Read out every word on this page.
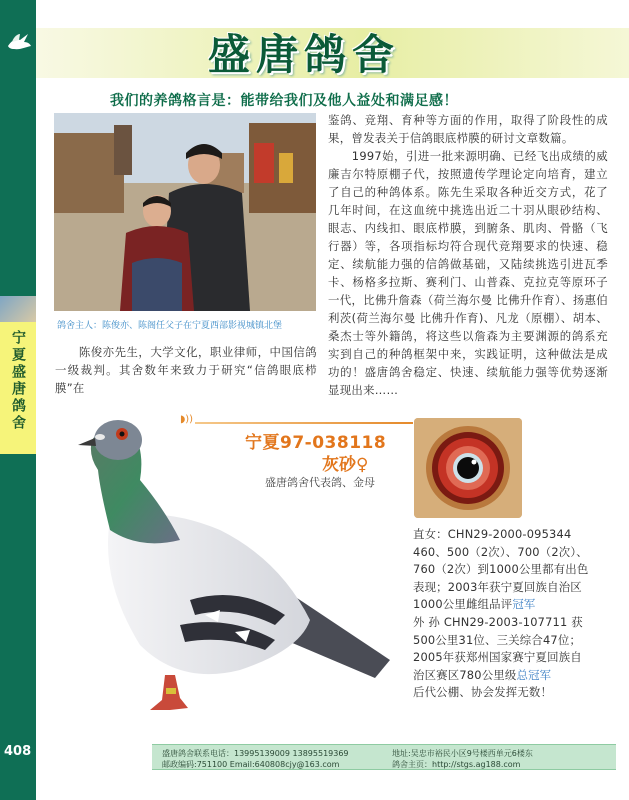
宁夏盛唐鸽舍
408
盛唐鸽舍
我们的养鸽格言是：能带给我们及他人益处和满足感！
鸽舍主人：陈俊亦、陈阁任父子在宁夏西部影视城镇北堡

鉴鸽、竞翔、育种等方面的作用，取得了阶段性的成果，曾发表关于信鸽眼底栉膜的研讨文章数篇。

　　1997始，引进一批来源明确、已经飞出成绩的威廉吉尔特原棚子代，按照遗传学理论定向培育，建立了自己的种鸽体系。陈先生采取各种近交方式，花了几年时间，在这血统中挑选出近二十羽从眼砂结构、眼志、内线扣、眼底栉膜，到腑条、肌肉、骨骼（飞行器）等，各项指标均符合现代竞翔要求的快速、稳定、续航能力强的信鸽做基础，又陆续挑选引进瓦季卡、杨格多拉斯、赛利门、山普森、克拉克等原环子一代，比佛升詹森（荷兰海尔曼 比佛升作育）、扬惠伯利茨(荷兰海尔曼 比佛升作育)、凡龙（原棚）、胡本、桑杰士等外籍鸽，将这些以詹森为主要渊源的鸽系充实到自己的种鸽框架中来，实践证明，这种做法是成功的！盛唐鸽舍稳定、快速、续航能力强等优势逐渐显现出来……

　　陈俊亦先生，大学文化，职业律师，中国信鸽一级裁判。其舍数年来致力于研究“信鸽眼底栉膜”在

◗))
宁夏97-038118
灰砂♀
盛唐鸽舍代表鸽、金母
直女：CHN29-2000-095344
460、500（2次）、700（2次）、
760（2次）到1000公里都有出色
表现；2003年获宁夏回族自治区
1000公里雌组品评冠军
外 孙 CHN29-2003-107711 获
500公里31位、三关综合47位；
2005年获郑州国家赛宁夏回族自
治区赛区780公里级总冠军
后代公棚、协会发挥无数！
盛唐鸽舍联系电话：13995139009 13895519369	地址:吴忠市裕民小区9号楼西单元6楼东
邮政编码:751100 Email:640808cjy@163.com	鸽舍主页：http://stgs.ag188.com
